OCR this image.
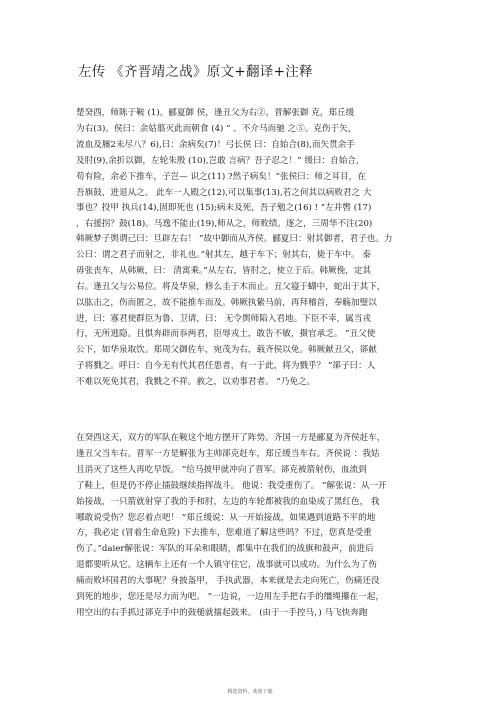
左传 《齐晋靖之战》原文+翻译+注释

楚癸酉，师陈于鞍 (1)。郦夏御 侯，逢丑父为右②。晋解张御 克，郑丘缓
为右(3)。侯曰：余姑翦灭此而朝食 (4) ” 。不介马而驰 之⑤。克伤于矢，
流血及屦2未尽八？6),曰：余病矣(7)！弓长侯 曰：自始合(8),而矢贯余手
及肘(9),余折以御，左轮朱殷 (10),岂敢 言病？吾子忍之！” 缓曰：自始合，
苟有险，余必下推车，子岂— 识之(11) ?然子病矣！”张侯曰：师之耳目，在
吾旗鼓，进退从之。 此车一人殿之(12),可以集事(13),若之何其以病败君之 大
事也？投甲 执兵(14),固即死也 (15);病未及死，吾子勉之(16) ! ”左并辔 (17)
，右援拐？鼓(18)。马逸不能止(19),师从之，师败绩。逐之，三周华不注(20)

韩厥梦子舆谓己曰：旦辟左右！ ”故中御而从齐侯。郦夏曰：射其御者，君子也。力
公曰：谓之君子而射之，非礼也。”射其左，越于车下；射其右，毙于车中。 泰
毋张丧车，从韩厥，曰： 清寓乘。”从左右，皆肘之，使立于后。韩厥俛，定其
右。逢丑父与公易位。将及华泉，修么圭于木而止。丑父寝于蝴中，蛇出于其下，
以肱击之，伤而匿之，故不能推车而及。韩厥执絷马前，再拜稽首，奉觞加璧以
进，曰：寡君使群臣为鲁、卫请，曰： 无令舆师陷入君地。下臣不幸，属当戎
行，无所逃隐。且惧奔辟而忝两君，臣辱戎士，敢告不敏，摄官承乏。 ”丑父使
公下，如华泉取饮。郑周父御佐车，宛茂为右，载齐侯以免。韩厥献丑父，郤献
子将戮之。呼曰：自今无有代其君任患者，有一于此，将为戮乎？ ”郤子曰：人
不难以死免其君，我戮之不祥。赦之，以劝事君者。 ”乃免之。

在癸酉这天，双方的军队在鞍这个地方摆开了阵势。齐国一方是郦夏为齐侯赶车，
逢丑父当车右。晋军一方是解张为主帅郤克赶车，郑丘缓当车右。齐侯说 ：我姑
且消灭了这些人再吃早饭。 ”给马披甲就冲向了晋军。郤克被箭射伤，血流到
了鞋上，但是仍不停止擂鼓继续指挥战斗。 他说：我受重伤了。 ”解张说：从一开
始接战，一只箭就射穿了我的手和肘，左边的车轮都被我的血染成了黑红色， 我
哪敢说受伤？您忍着点吧！ ”郑丘缓说：从一开始接战，如果遇到道路不平的地
方，我必定 (冒着生命危险) 下去推车，您难道了解这些吗？不过，您真是受重
伤了。”daier解张说：军队的耳朵和眼睛，都集中在我们的战旗和鼓声，前进后
退都要听从它。这辆车上还有一个人镇守住它，战事就可以成功。为什么为了伤
痛而败坏国君的大事呢？身披盔甲， 手执武器，本来就是去走向死亡，伤痛还没
到死的地步，您还是尽力而为吧。 ”一边说，一边用左手把右手的缰绳攥在一起，
用空出的右手抓过郤克手中的鼓槌就擂起鼓来。 (由于一手控马，) 马飞快奔跑

精选资料，欢迎下载
